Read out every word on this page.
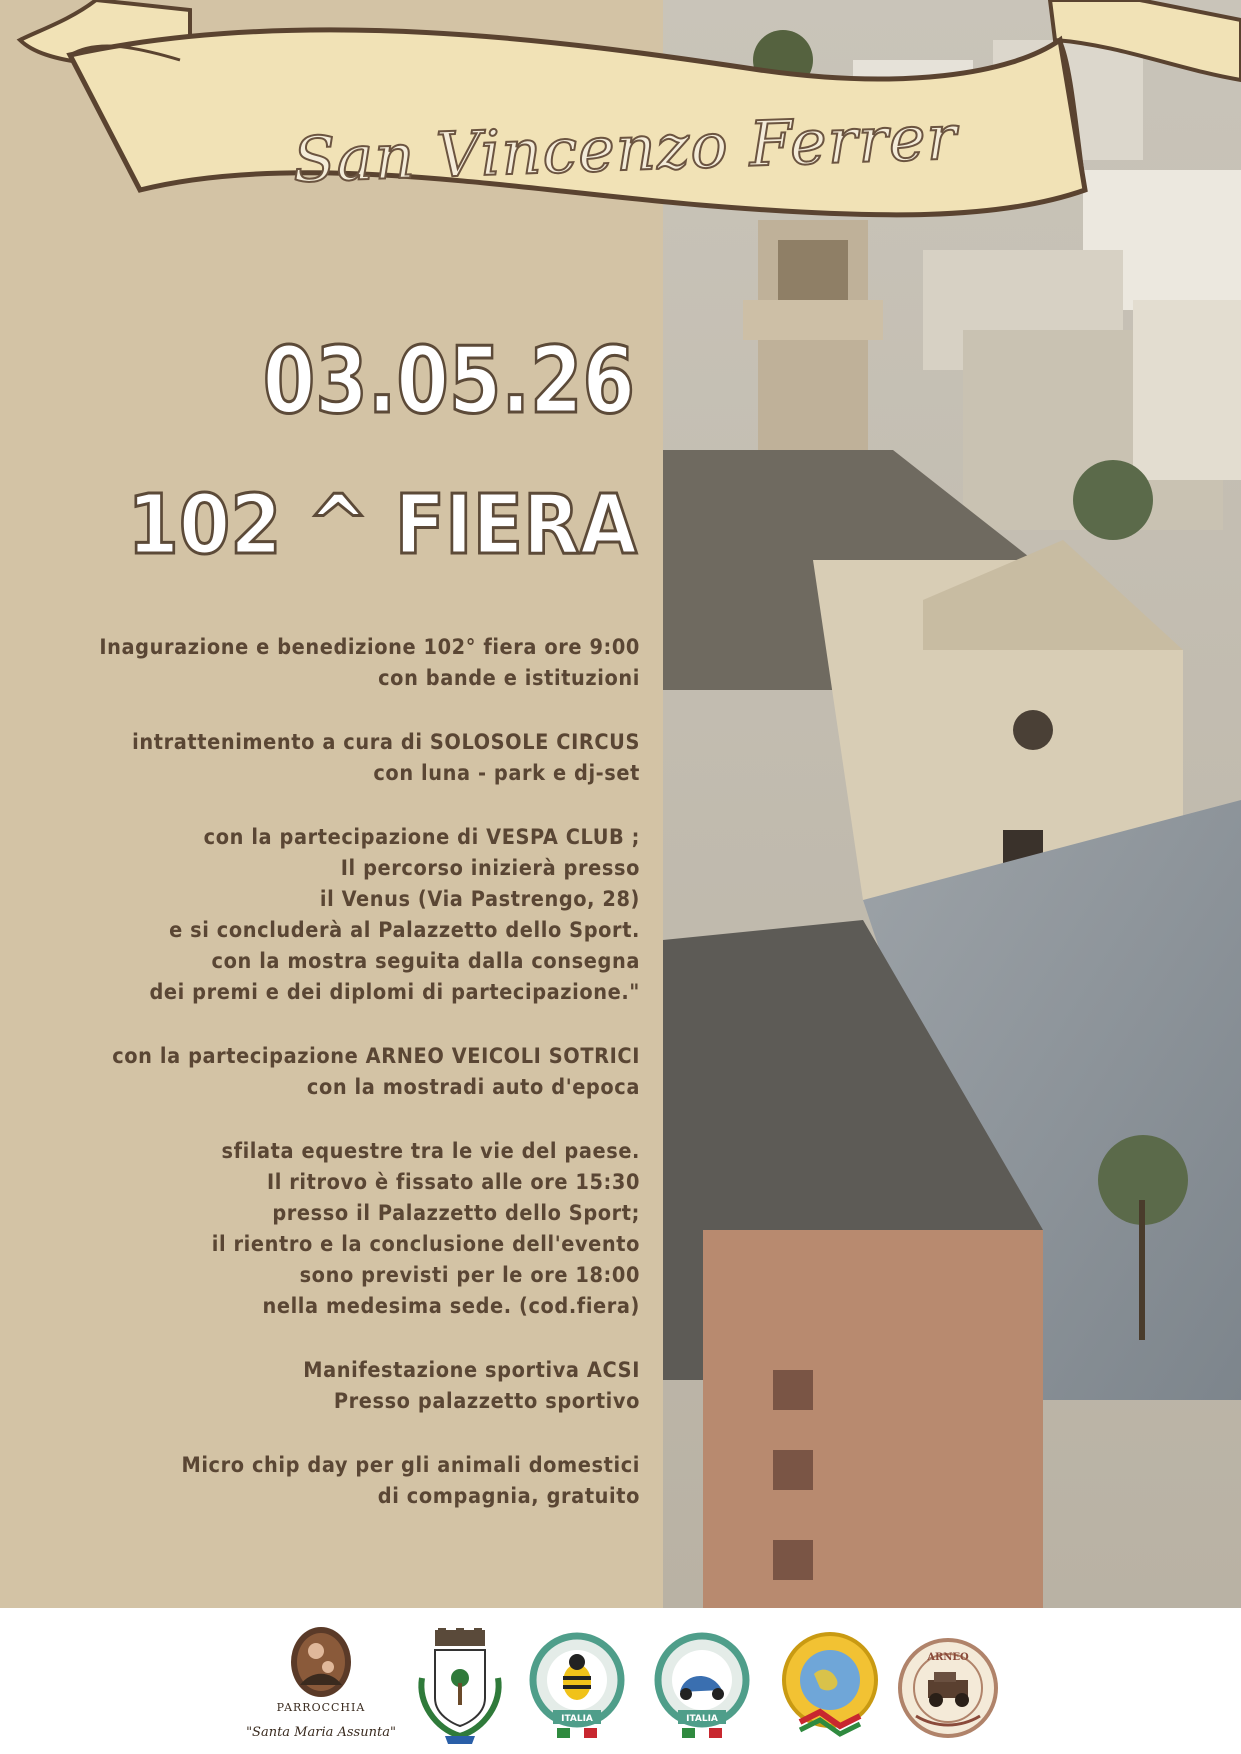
San Vincenzo Ferrer
03.05.26
102 ^ FIERA
Inagurazione e benedizione 102° fiera ore 9:00
con bande e istituzioni
intrattenimento a cura di SOLOSOLE CIRCUS
con luna - park e dj-set
con la partecipazione di VESPA CLUB ;
Il percorso inizierà presso
il Venus (Via Pastrengo, 28)
e si concluderà al Palazzetto dello Sport.
con la mostra seguita dalla consegna
dei premi e dei diplomi di partecipazione."
con la partecipazione ARNEO VEICOLI SOTRICI
con la mostradi auto d'epoca
sfilata equestre tra le vie del paese.
Il ritrovo è fissato alle ore 15:30
presso il Palazzetto dello Sport;
il rientro e la conclusione dell'evento
sono previsti per le ore 18:00
nella medesima sede. (cod.fiera)
Manifestazione sportiva ACSI
Presso palazzetto sportivo
Micro chip day per gli animali domestici
di compagnia, gratuito
PARROCCHIA
"Santa Maria Assunta"
ITALIA	ITALIA
ARNEO
